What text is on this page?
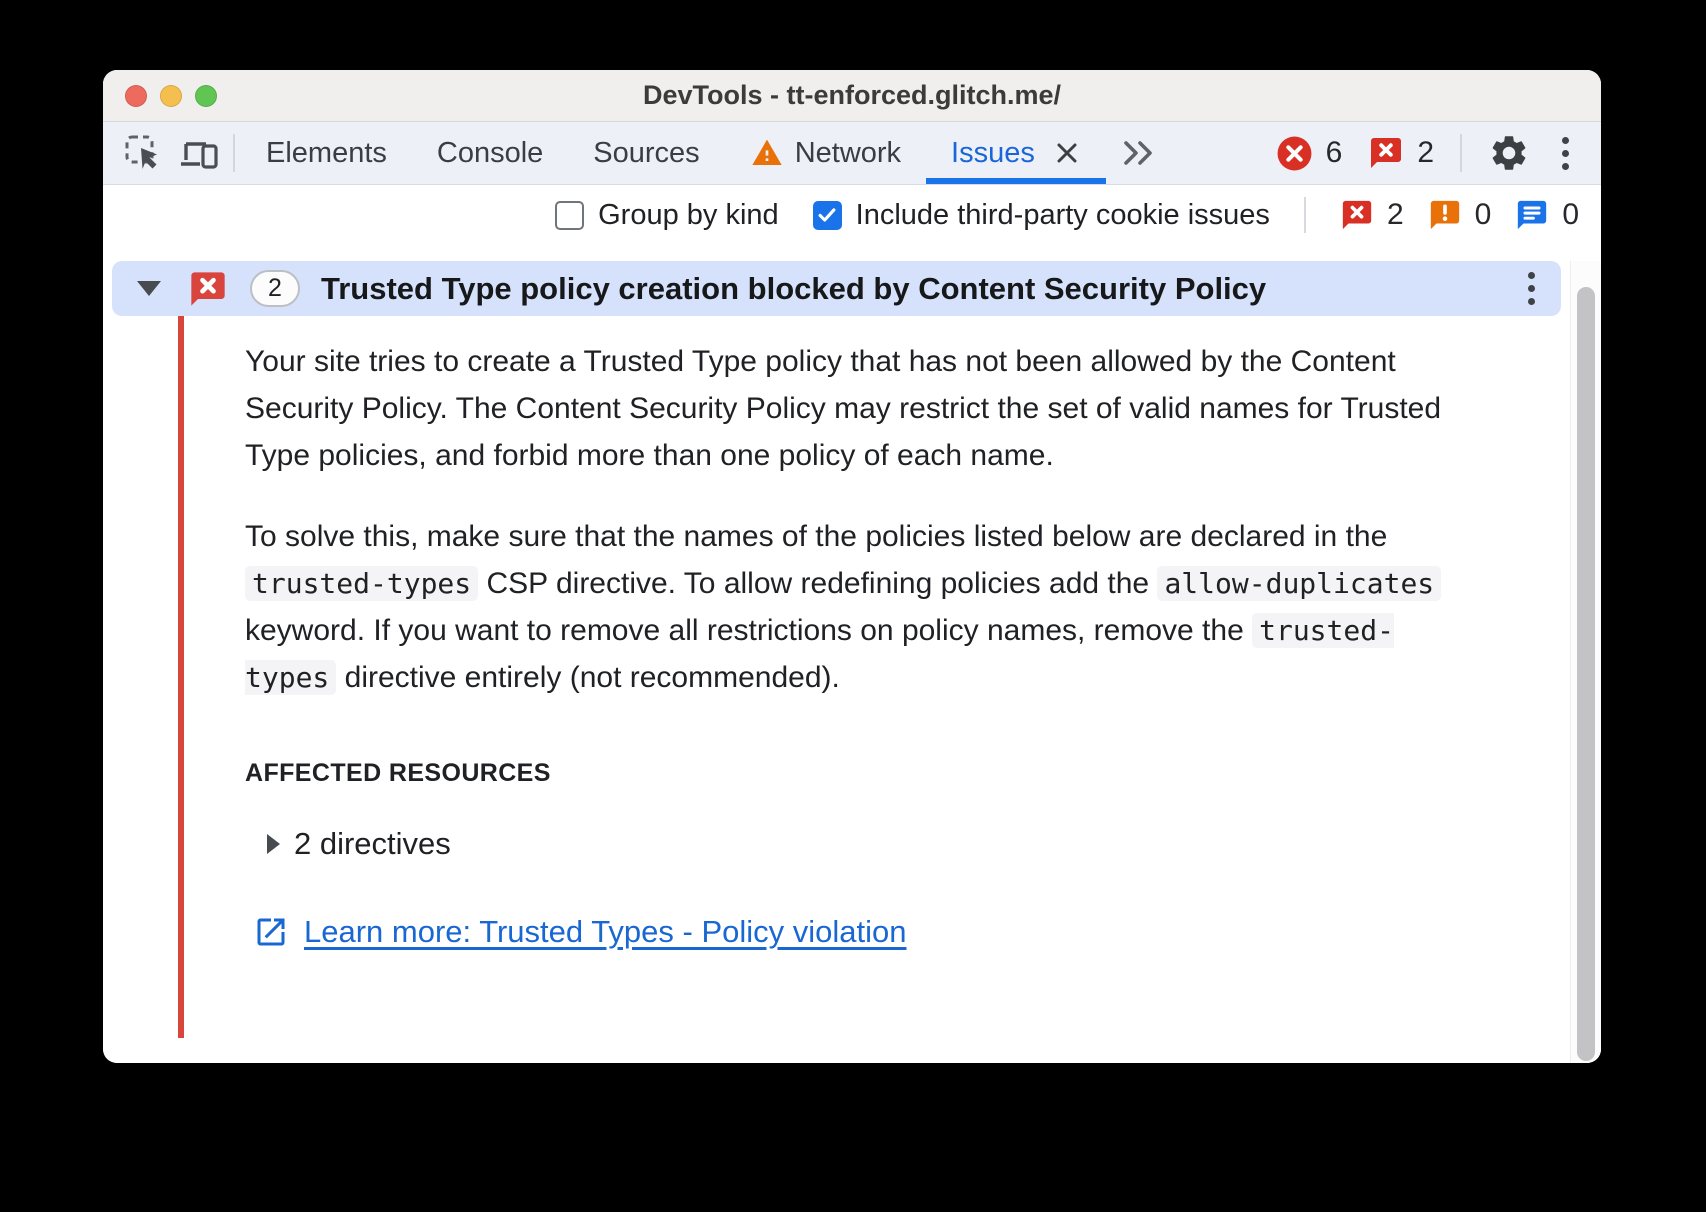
DevTools - tt-enforced.glitch.me/
Elements Console Sources	Network Issues	6	2
Group by kind	Include third-party cookie issues	2 0 0
2	Trusted Type policy creation blocked by Content Security Policy

Your site tries to create a Trusted Type policy that has not been allowed by the Content Security Policy. The Content Security Policy may restrict the set of valid names for Trusted Type policies, and forbid more than one policy of each name.

To solve this, make sure that the names of the policies listed below are declared in the trusted-types CSP directive. To allow redefining policies add the allow-duplicates keyword. If you want to remove all restrictions on policy names, remove the trusted-types directive entirely (not recommended).

AFFECTED RESOURCES
2 directives
Learn more: Trusted Types - Policy violation
